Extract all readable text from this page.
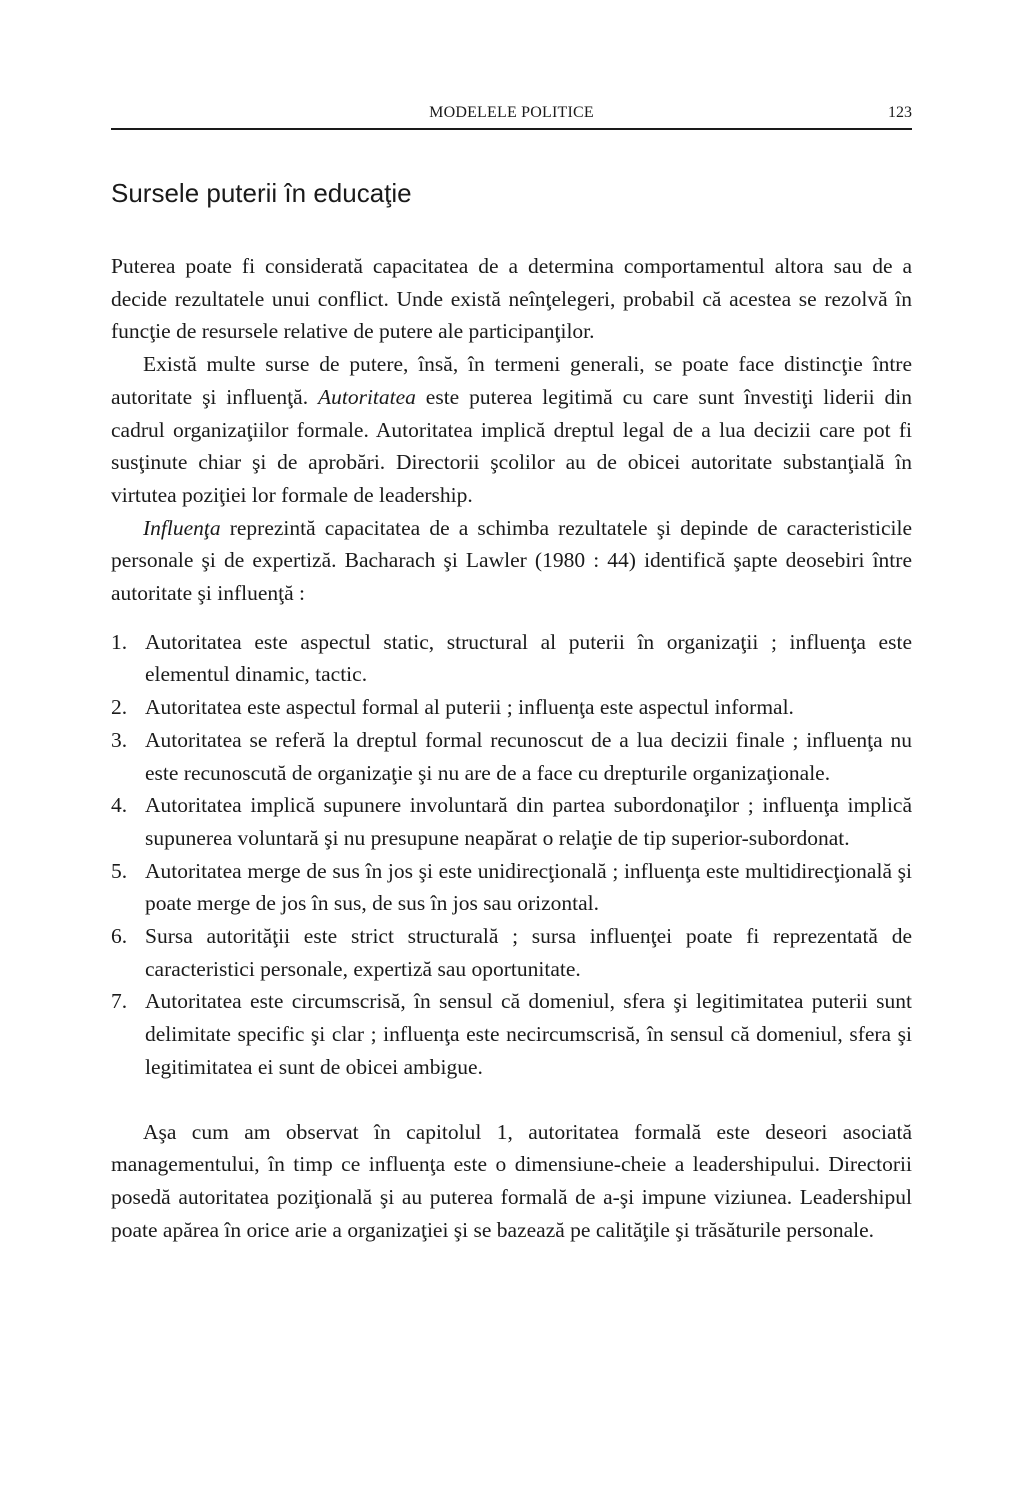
MODELELE POLITICE	123
Sursele puterii în educaţie

Puterea poate fi considerată capacitatea de a determina comportamentul altora sau de a decide rezultatele unui conflict. Unde există neînţelegeri, probabil că acestea se rezolvă în funcţie de resursele relative de putere ale participanţilor.

Există multe surse de putere, însă, în termeni generali, se poate face distincţie între autoritate şi influenţă. Autoritatea este puterea legitimă cu care sunt învestiţi liderii din cadrul organizaţiilor formale. Autoritatea implică dreptul legal de a lua decizii care pot fi susţinute chiar şi de aprobări. Directorii şcolilor au de obicei autoritate substanţială în virtutea poziţiei lor formale de leadership.

Influenţa reprezintă capacitatea de a schimba rezultatele şi depinde de caracteristicile personale şi de expertiză. Bacharach şi Lawler (1980 : 44) identifică şapte deosebiri între autoritate şi influenţă :

1. Autoritatea este aspectul static, structural al puterii în organizaţii ; influenţa este elementul dinamic, tactic.
2. Autoritatea este aspectul formal al puterii ; influenţa este aspectul informal.
3. Autoritatea se referă la dreptul formal recunoscut de a lua decizii finale ; influenţa nu este recunoscută de organizaţie şi nu are de a face cu drepturile organizaţionale.
4. Autoritatea implică supunere involuntară din partea subordonaţilor ; influenţa implică supunerea voluntară şi nu presupune neapărat o relaţie de tip superior-subordonat.
5. Autoritatea merge de sus în jos şi este unidirecţională ; influenţa este multidirecţională şi poate merge de jos în sus, de sus în jos sau orizontal.
6. Sursa autorităţii este strict structurală ; sursa influenţei poate fi reprezentată de caracteristici personale, expertiză sau oportunitate.
7. Autoritatea este circumscrisă, în sensul că domeniul, sfera şi legitimitatea puterii sunt delimitate specific şi clar ; influenţa este necircumscrisă, în sensul că domeniul, sfera şi legitimitatea ei sunt de obicei ambigue.

Aşa cum am observat în capitolul 1, autoritatea formală este deseori asociată managementului, în timp ce influenţa este o dimensiune-cheie a leadershipului. Directorii posedă autoritatea poziţională şi au puterea formală de a-şi impune viziunea. Leadershipul poate apărea în orice arie a organizaţiei şi se bazează pe calităţile şi trăsăturile personale.
